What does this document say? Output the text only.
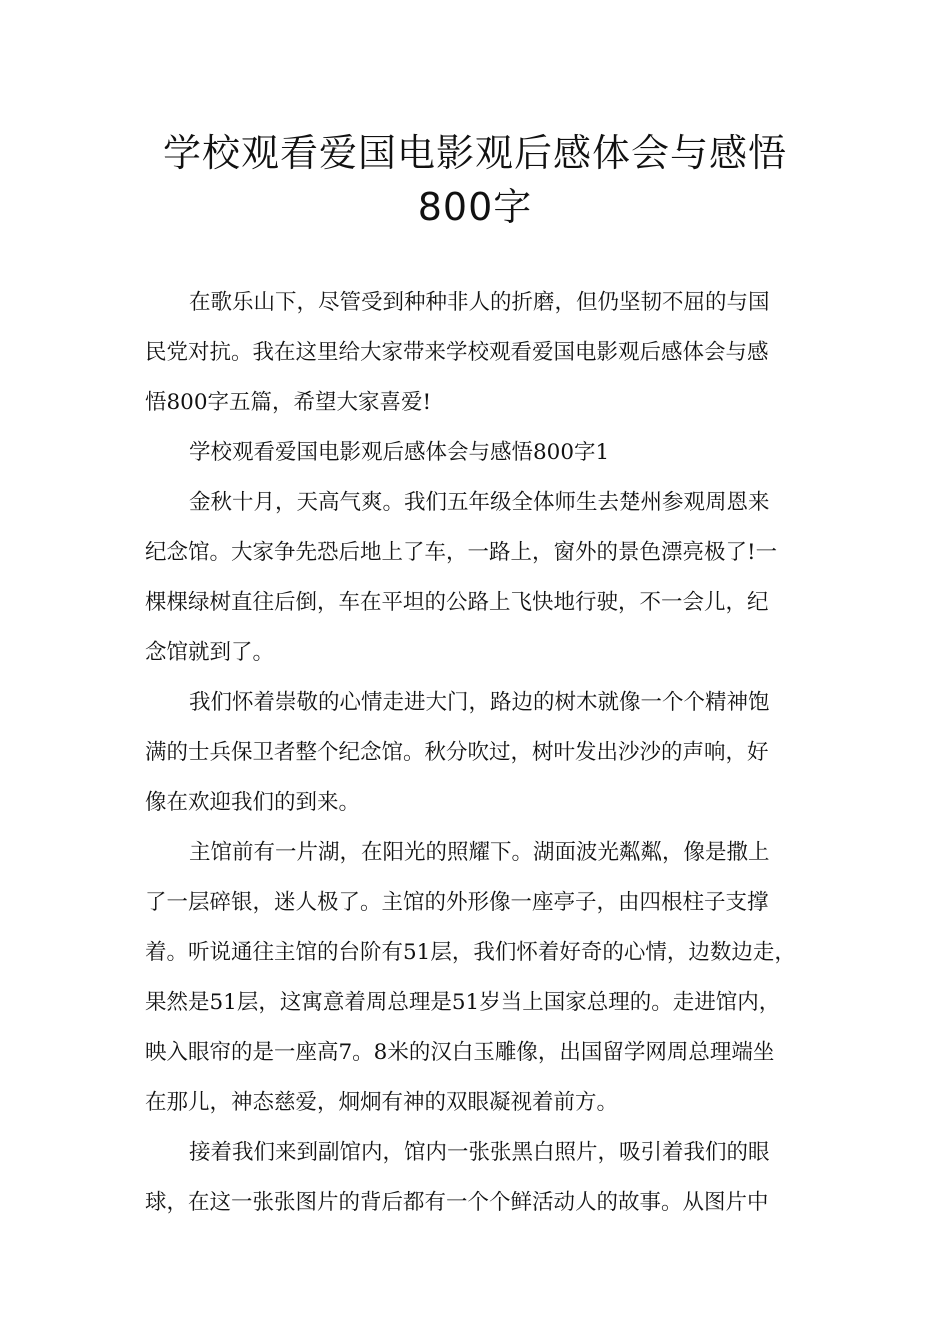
学校观看爱国电影观后感体会与感悟
800字
在歌乐山下，尽管受到种种非人的折磨，但仍坚韧不屈的与国
民党对抗。我在这里给大家带来学校观看爱国电影观后感体会与感
悟800字五篇，希望大家喜爱!
学校观看爱国电影观后感体会与感悟800字1
金秋十月，天高气爽。我们五年级全体师生去楚州参观周恩来
纪念馆。大家争先恐后地上了车，一路上，窗外的景色漂亮极了!一
棵棵绿树直往后倒，车在平坦的公路上飞快地行驶，不一会儿，纪
念馆就到了。
我们怀着崇敬的心情走进大门，路边的树木就像一个个精神饱
满的士兵保卫者整个纪念馆。秋分吹过，树叶发出沙沙的声响，好
像在欢迎我们的到来。
主馆前有一片湖，在阳光的照耀下。湖面波光粼粼，像是撒上
了一层碎银，迷人极了。主馆的外形像一座亭子，由四根柱子支撑
着。听说通往主馆的台阶有51层，我们怀着好奇的心情，边数边走，
果然是51层，这寓意着周总理是51岁当上国家总理的。走进馆内，
映入眼帘的是一座高7。8米的汉白玉雕像，出国留学网周总理端坐
在那儿，神态慈爱，炯炯有神的双眼凝视着前方。
接着我们来到副馆内，馆内一张张黑白照片，吸引着我们的眼
球，在这一张张图片的背后都有一个个鲜活动人的故事。从图片中
